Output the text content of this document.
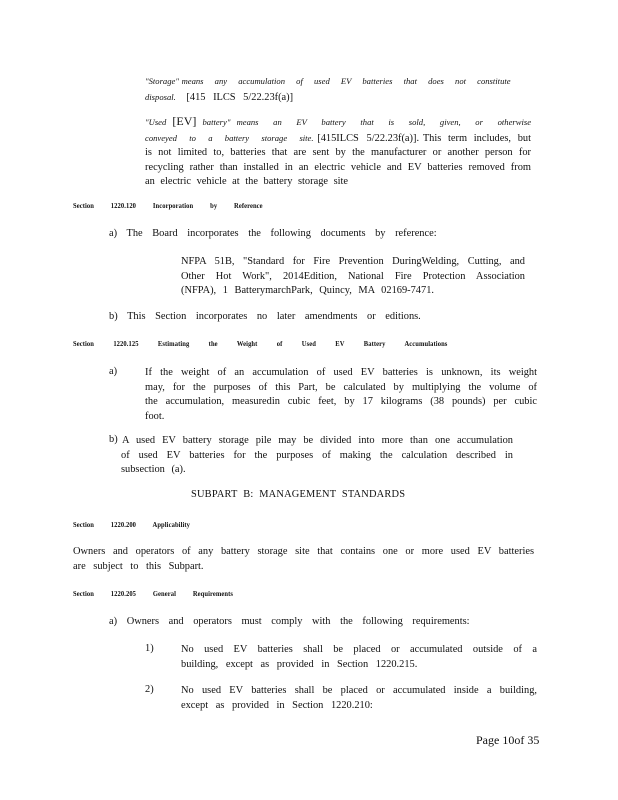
"Storage" means any accumulation of used EV batteries that does not constitute disposal. [415 ILCS 5/22.23f(a)]

"Used [EV] battery" means an EV battery that is sold, given, or otherwise conveyed to a battery storage site. [415ILCS 5/22.23f(a)]. This term includes, but is not limited to, batteries that are sent by the manufacturer or another person for recycling rather than installed in an electric vehicle and EV batteries removed from an electric vehicle at the battery storage site

Section 1220.120 Incorporation by Reference

a) The Board incorporates the following documents by reference:

NFPA 51B, "Standard for Fire Prevention DuringWelding, Cutting, and Other Hot Work", 2014Edition, National Fire Protection Association (NFPA), 1 BatterymarchPark, Quincy, MA 02169-7471.

b) This Section incorporates no later amendments or editions.

Section 1220.125 Estimating the Weight of Used EV Battery Accumulations
a)	If the weight of an accumulation of used EV batteries is unknown, its weight may, for the purposes of this Part, be calculated by multiplying the volume of the accumulation, measuredin cubic feet, by 17 kilograms (38 pounds) per cubic foot.

b) A used EV battery storage pile may be divided into more than one accumulation of used EV batteries for the purposes of making the calculation described in subsection (a).

SUBPART B: MANAGEMENT STANDARDS
Section 1220.200 Applicability

Owners and operators of any battery storage site that contains one or more used EV batteries are subject to this Subpart.

Section 1220.205 General Requirements

a) Owners and operators must comply with the following requirements:

1)	No used EV batteries shall be placed or accumulated outside of a building, except as provided in Section 1220.215.

2)	No used EV batteries shall be placed or accumulated inside a building, except as provided in Section 1220.210:

Page 10of 35
